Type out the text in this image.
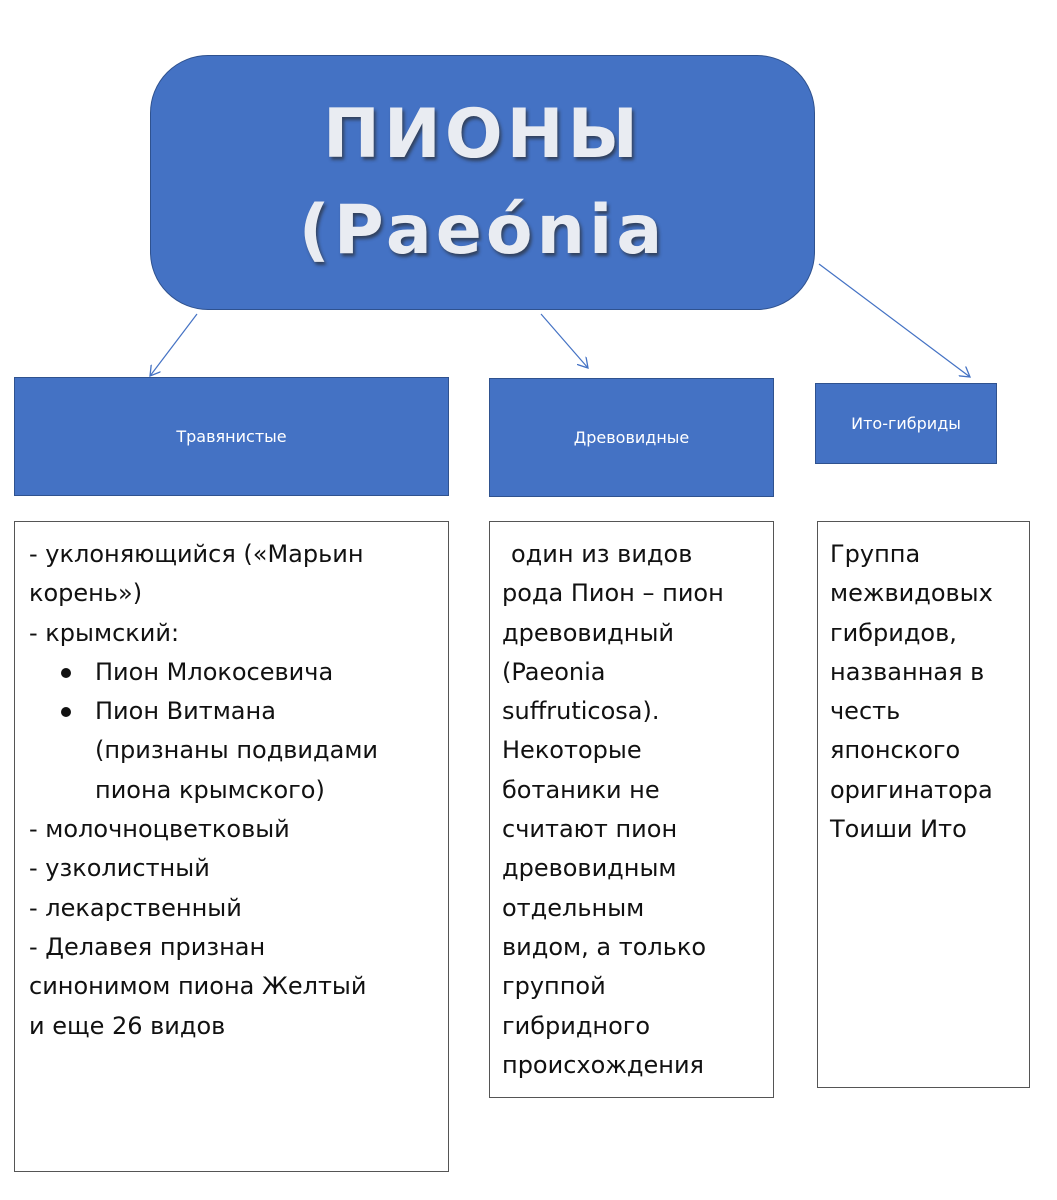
ПИОНЫ
(Paeónia
Травянистые	Древовидные
Ито-гибриды
- уклоняющийся («Марьин
корень»)
- крымский:
Пион Млокосевича
Пион Витмана
(признаны подвидами
пиона крымского)
- молочноцветковый
- узколистный
- лекарственный
- Делавея признан
синонимом пиона Желтый
и еще 26 видов
один из видов
рода Пион – пион
древовидный
(Paeonia
suffruticosa).
Некоторые
ботаники не
считают пион
древовидным
отдельным
видом, а только
группой
гибридного
происхождения
Группа
межвидовых
гибридов,
названная в
честь
японского
оригинатора
Тоиши Ито
